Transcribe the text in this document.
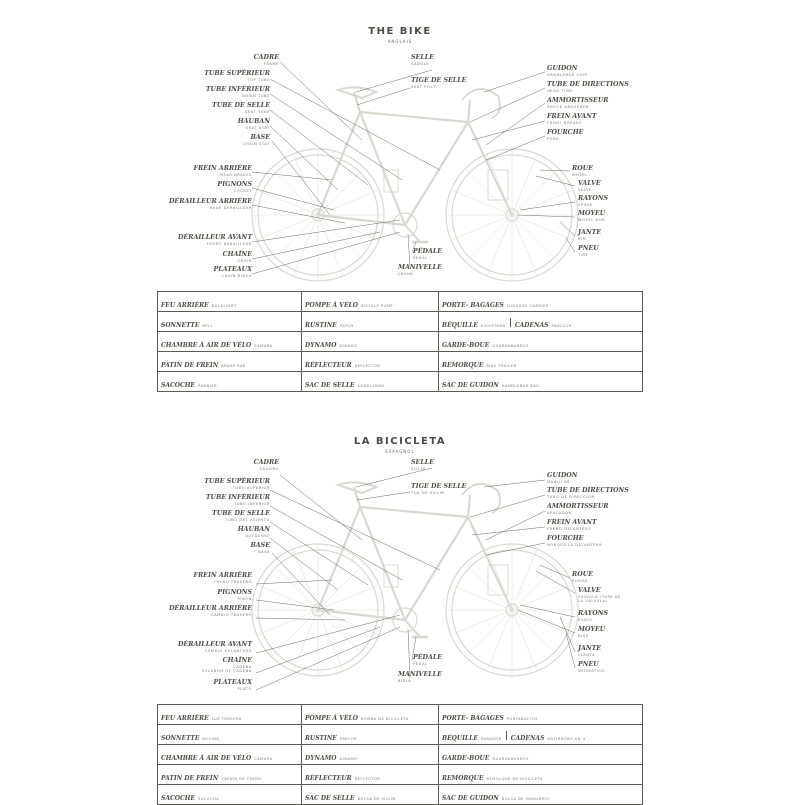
THE BIKE
ANGLAIS
CADRE
FRAME
TUBE SUPÉRIEUR
TOP TUBE
TUBE INFÉRIEUR
DOWN TUBE
TUBE DE SELLE
SEAT TUBE
HAUBAN
SEAT STAY
BASE
CHAIN STAY
FREIN ARRIÈRE
REAR BRAKES
PIGNONS
COCKET
DÉRAILLEUR ARRIÈRE
REAR DERAILLEUR
DÉRAILLEUR AVANT
FRONT DERAILLEUR
CHAÎNE
CHAIN
PLATEAUX
CHAIN RINGS
SELLE
SADDLE
TIGE DE SELLE
SEAT POST
PÉDALE
PEDAL
MANIVELLE
CRANK
GUIDON
HANDLEBAR CHIP
TUBE DE DIRECTIONS
HEAD TUBE
AMMORTISSEUR
SHOCK ABSORBER
FREIN AVANT
FRONT BREAKS
FOURCHE
FORK
ROUE
WHEEL
VALVE
VALVE
RAYONS
SPOKE
MOYEU
WHEEL HUB
JANTE
RIM
PNEU
TIRE
FEU ARRIÈRE BACKLIGHT	POMPE À VÉLO BICYCLE PUMP	PORTE- BAGAGES LUGGAGE CARRIER
SONNETTE BELL	RUSTINE PATCH	BÉQUILLE KICKSTAND CADENAS PADLOCK
CHAMBRE À AIR DE VÉLO CAMARA	DYNAMO DINAMO	GARDE-BOUE GUARDABARROS
PATIN DE FREIN BRAKE PAD	RÉFLECTEUR REFLECTOR	REMORQUE BIKE TRAILER
SACOCHE PANNIER	SAC DE SELLE SADDLEBAG	SAC DE GUIDON HANDLEBAR BAG
LA BICICLETA
ESPAGNOL
CADRE
CUADRO
TUBE SUPÉRIEUR
TUBO SUPERIOR
TUBE INFÉRIEUR
TUBO INFERIOR
TUBE DE SELLE
TUBO DEL ASIENTO
HAUBAN
QUEDANSE
BASE
BASE
FREIN ARRIÈRE
FRENO TRASERO
PIGNONS
PIÑON
DÉRAILLEUR ARRIÈRE
CAMBIO TRASERO
DÉRAILLEUR AVANT
CAMBIO DELANTERO
CHAÎNE
CADENA
ESLABON DE CADENA
PLATEAUX
PLATO
SELLE
SILLIN
TIGE DE SELLE
TIJA DE SILLIN
PÉDALE
PEDAL
MANIVELLE
BIELA
GUIDON
MANILLAR
TUBE DE DIRECTIONS
TUBO DE DIRECCIÓN
AMMORTISSEUR
APACADOR
FREIN AVANT
FRENO DELANTERO
FOURCHE
HORQUILLA DELANTERA
ROUE
RUEDA
VALVE
VALVULA (TAPA DE
LA VALVULA)
RAYONS
RADIO
MOYEU
BUJE
JANTE
LLANTA
PNEU
NEUMATICO
FEU ARRIÈRE LUZ TRASERA	POMPE À VÉLO BOMBA DE BICICLETA	PORTE- BAGAGES PORTABULTOS
SONNETTE BOCINA	RUSTINE PARCHE	BÉQUILLE PARADOR CADENAS ANTIRROBO EN U
CHAMBRE À AIR DE VÉLO CAMARA	DYNAMO DINAMO	GARDE-BOUE GUARDABARROS
PATIN DE FREIN ZAPATA DE FRENO	RÉFLECTEUR REFLECTOR	REMORQUE REMOLQUE DE BICICLETA
SACOCHE SACOCHA	SAC DE SELLE BOLSA DE SILLIN	SAC DE GUIDON BOLSA DE MANUBRIO
